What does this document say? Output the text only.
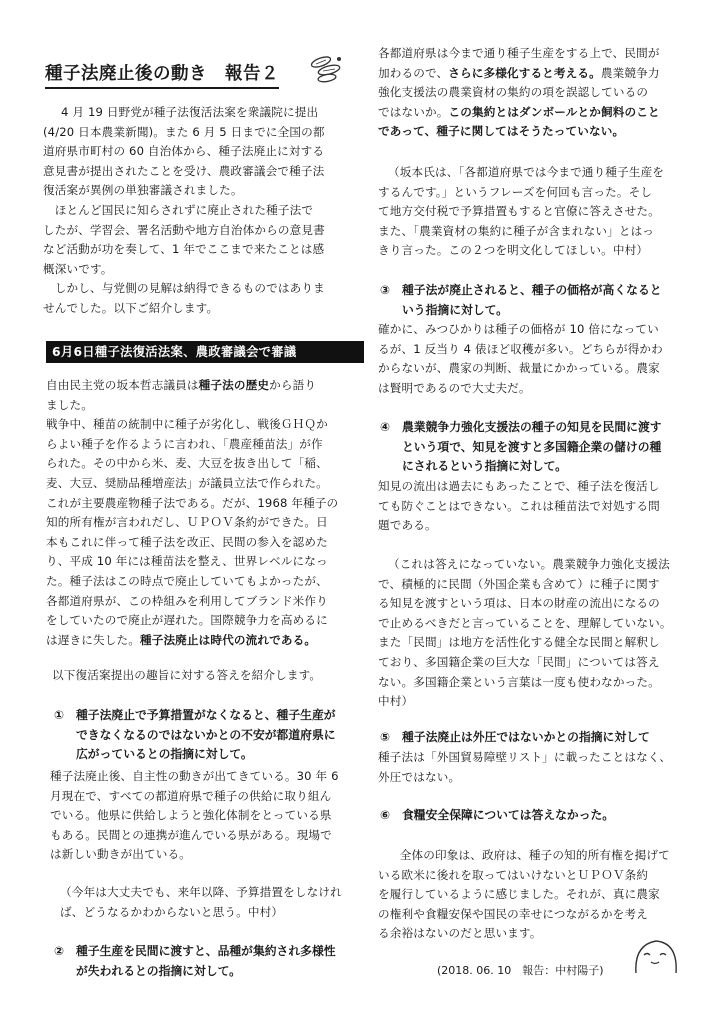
種子法廃止後の動き　報告２

4 月 19 日野党が種子法復活法案を衆議院に提出

(4/20 日本農業新聞)。また 6 月 5 日までに全国の都

道府県市町村の 60 自治体から、種子法廃止に対する

意見書が提出されたことを受け、農政審議会で種子法

復活案が異例の単独審議されました。

　ほとんど国民に知らされずに廃止された種子法で

したが、学習会、署名活動や地方自治体からの意見書

など活動が功を奏して、1 年でここまで来たことは感

概深いです。

　しかし、与党側の見解は納得できるものではありま

せんでした。以下ご紹介します。

6月6日種子法復活法案、農政審議会で審議

自由民主党の坂本哲志議員は種子法の歴史から語り

ました。

戦争中、種苗の統制中に種子が劣化し、戦後ＧＨＱか

らよい種子を作るように言われ、「農産種苗法」が作

られた。その中から米、麦、大豆を抜き出して「稲、

麦、大豆、奨励品種増産法」が議員立法で作られた。

これが主要農産物種子法である。だが、1968 年種子の

知的所有権が言われだし、ＵＰＯＶ条約ができた。日

本もこれに伴って種子法を改正、民間の参入を認めた

り、平成 10 年には種苗法を整え、世界レベルになっ

た。種子法はこの時点で廃止していてもよかったが、

各都道府県が、この枠組みを利用してブランド米作り

をしていたので廃止が遅れた。国際競争力を高めるに

は遅きに失した。種子法廃止は時代の流れである。

以下復活案提出の趣旨に対する答えを紹介します。
① 種子法廃止で予算措置がなくなると、種子生産が
できなくなるのではないかとの不安が都道府県に
広がっているとの指摘に対して。

種子法廃止後、自主性の動きが出てきている。30 年 6

月現在で、すべての都道府県で種子の供給に取り組ん

でいる。他県に供給しようと強化体制をとっている県

もある。民間との連携が進んでいる県がある。現場で

は新しい動きが出ている。

（今年は大丈夫でも、来年以降、予算措置をしなけれ

ば、どうなるかわからないと思う。中村）

② 種子生産を民間に渡すと、品種が集約され多様性
が失われるとの指摘に対して。

各都道府県は今まで通り種子生産をする上で、民間が

加わるので、さらに多様化すると考える。農業競争力

強化支援法の農業資材の集約の項を誤認しているの

ではないか。この集約とはダンボールとか飼料のこと

であって、種子に関してはそうたっていない。

（坂本氏は、「各都道府県では今まで通り種子生産を

するんです。」というフレーズを何回も言った。そし

て地方交付税で予算措置もすると官僚に答えさせた。

また、「農業資材の集約に種子が含まれない」とはっ

きり言った。この２つを明文化してほしい。中村）

③ 種子法が廃止されると、種子の価格が高くなると
いう指摘に対して。

確かに、みつひかりは種子の価格が 10 倍になってい

るが、1 反当り 4 俵ほど収穫が多い。どちらが得かわ

からないが、農家の判断、裁量にかかっている。農家

は賢明であるので大丈夫だ。

④ 農業競争力強化支援法の種子の知見を民間に渡す
という項で、知見を渡すと多国籍企業の儲けの種
にされるという指摘に対して。

知見の流出は過去にもあったことで、種子法を復活し

ても防ぐことはできない。これは種苗法で対処する問

題である。

（これは答えになっていない。農業競争力強化支援法

で、積極的に民間（外国企業も含めて）に種子に関す

る知見を渡すという項は、日本の財産の流出になるの

で止めるべきだと言っていることを、理解していない。

また「民間」は地方を活性化する健全な民間と解釈し

ており、多国籍企業の巨大な「民間」については答え

ない。多国籍企業という言葉は一度も使わなかった。

中村）

⑤ 種子法廃止は外圧ではないかとの指摘に対して

種子法は「外国貿易障壁リスト」に載ったことはなく、

外圧ではない。

⑥ 食糧安全保障については答えなかった。

　全体の印象は、政府は、種子の知的所有権を掲げて

いる欧米に後れを取ってはいけないとＵＰＯＶ条約

を履行しているように感じました。それが、真に農家

の権利や食糧安保や国民の幸せにつながるかを考え

る余裕はないのだと思います。

(2018. 06. 10　報告：中村陽子)
